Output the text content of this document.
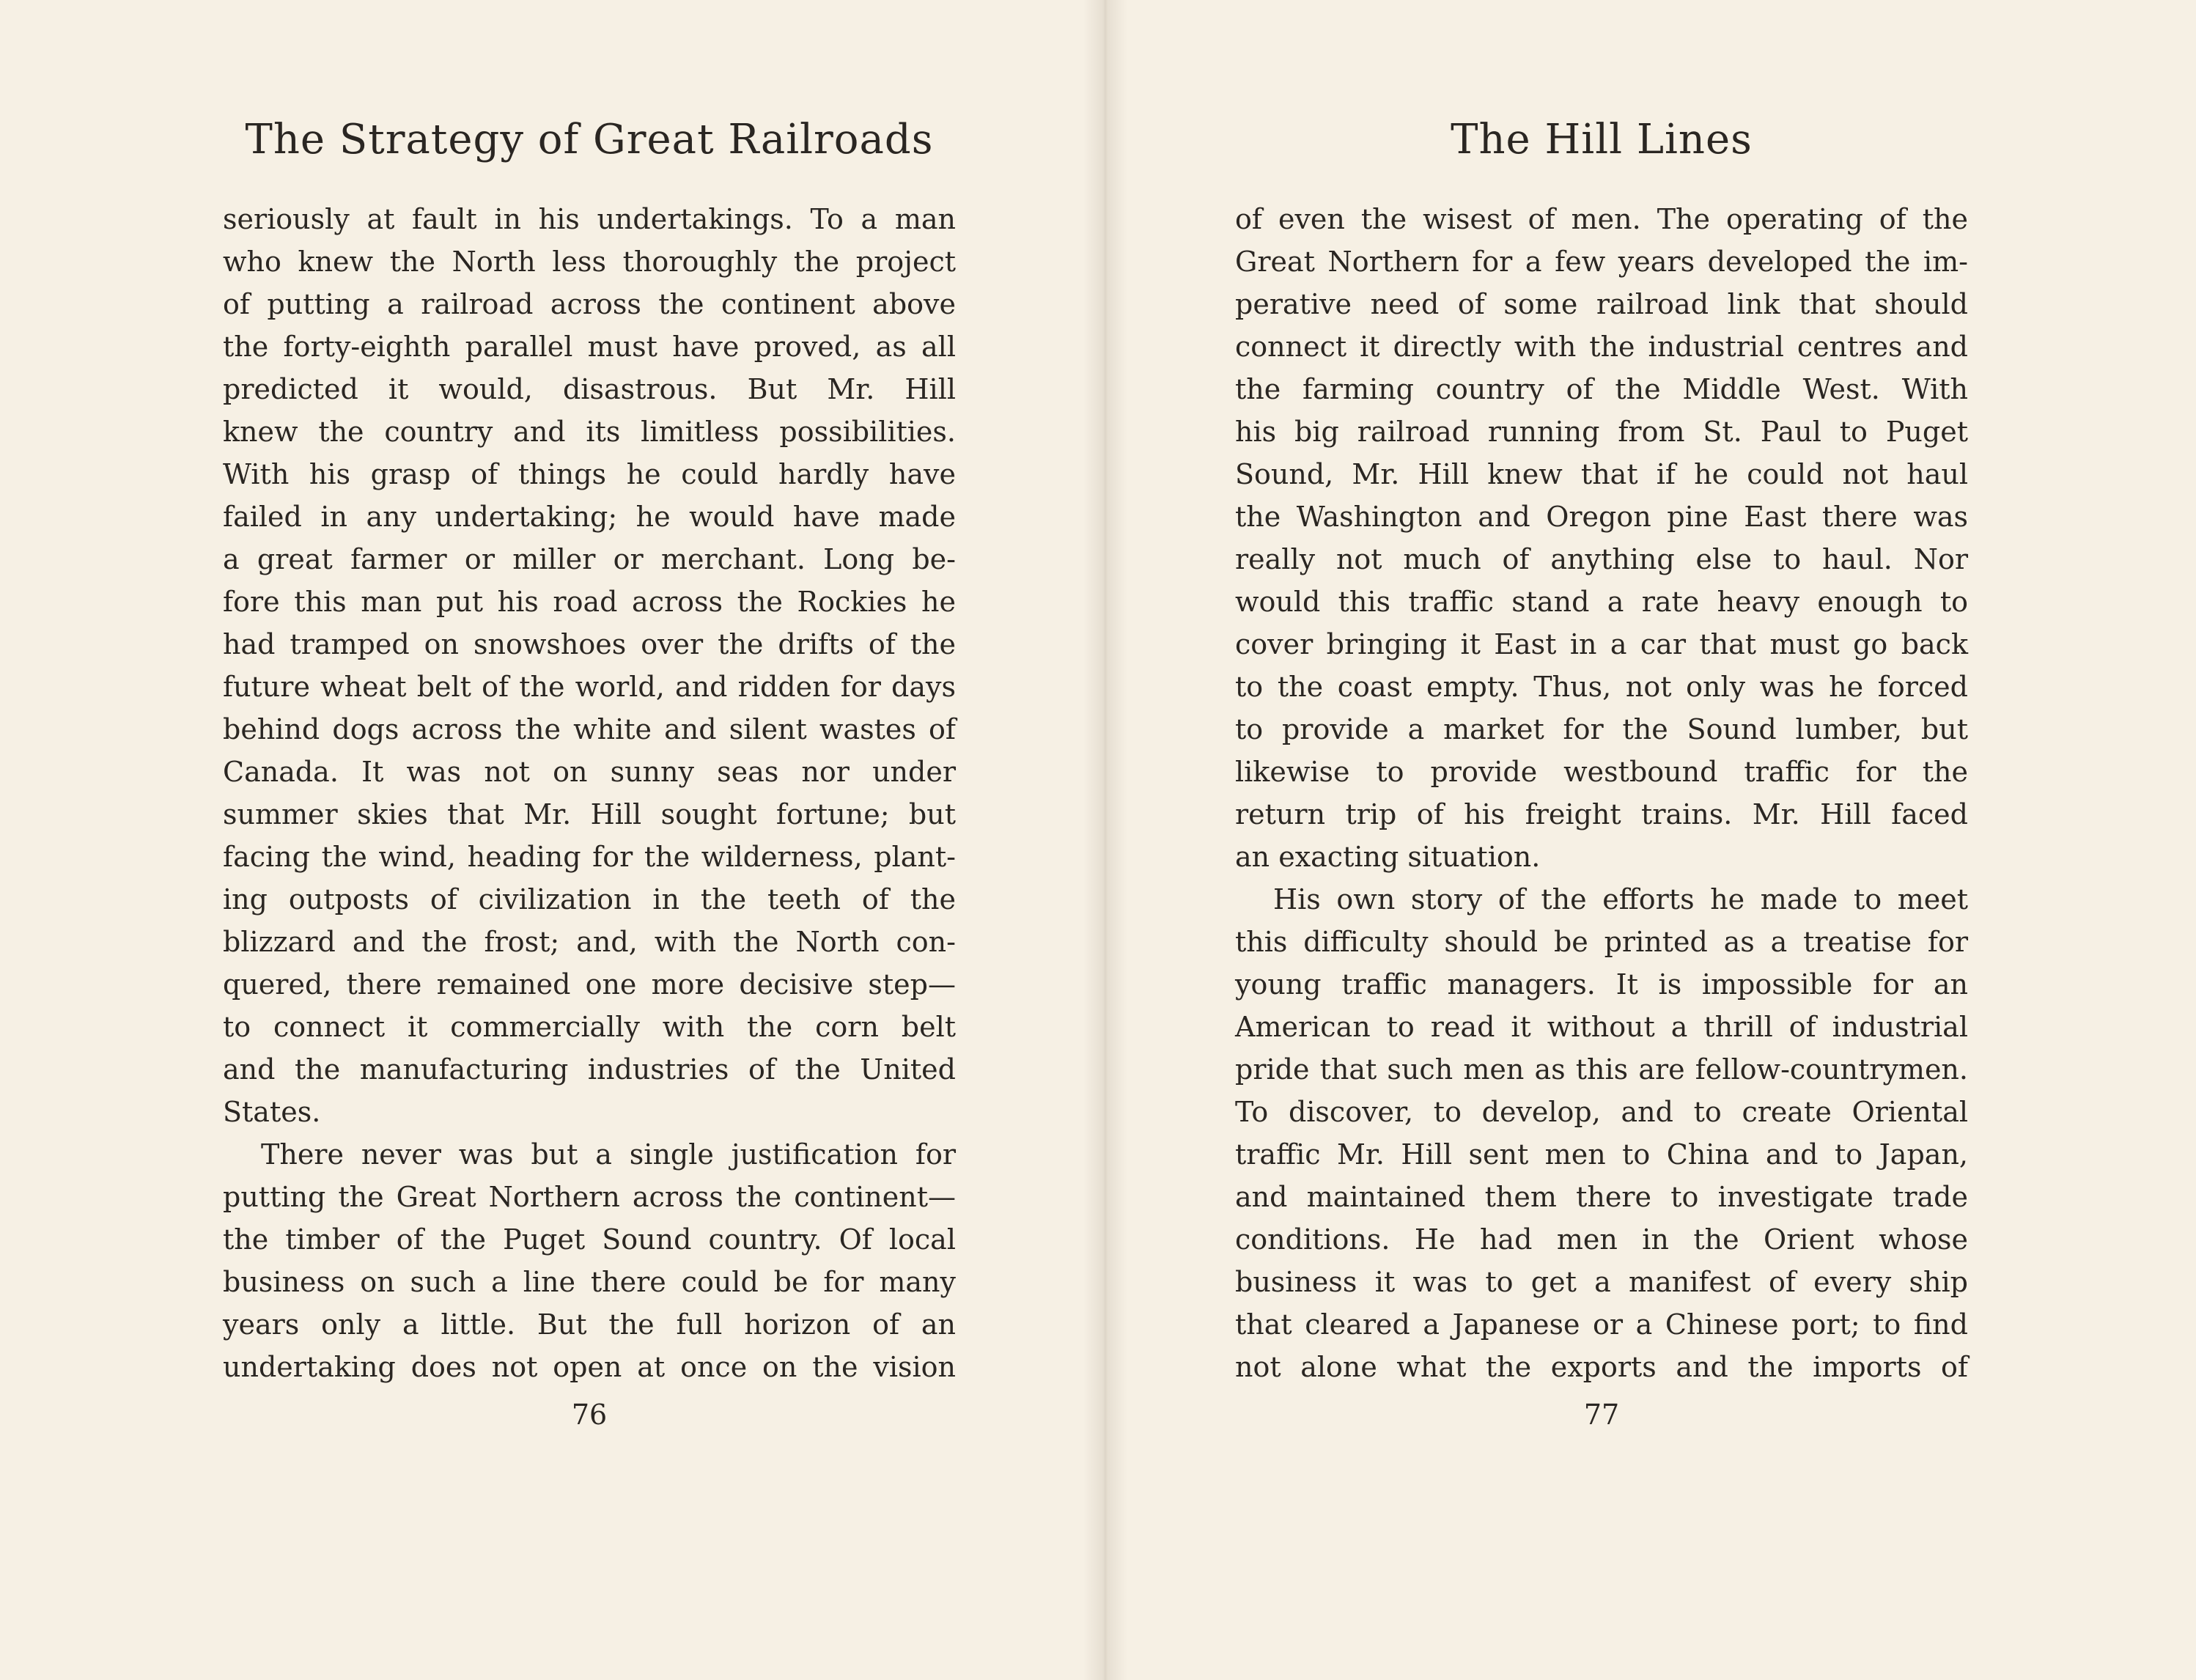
The Strategy of Great Railroads
seriously at fault in his undertakings. To a man
who knew the North less thoroughly the project
of putting a railroad across the continent above
the forty-eighth parallel must have proved, as all
predicted it would, disastrous. But Mr. Hill
knew the country and its limitless possibilities.
With his grasp of things he could hardly have
failed in any undertaking; he would have made
a great farmer or miller or merchant. Long be-
fore this man put his road across the Rockies he
had tramped on snowshoes over the drifts of the
future wheat belt of the world, and ridden for days
behind dogs across the white and silent wastes of
Canada. It was not on sunny seas nor under
summer skies that Mr. Hill sought fortune; but
facing the wind, heading for the wilderness, plant-
ing outposts of civilization in the teeth of the
blizzard and the frost; and, with the North con-
quered, there remained one more decisive step—
to connect it commercially with the corn belt
and the manufacturing industries of the United
States.
There never was but a single justification for
putting the Great Northern across the continent—
the timber of the Puget Sound country. Of local
business on such a line there could be for many
years only a little. But the full horizon of an
undertaking does not open at once on the vision
76
The Hill Lines
of even the wisest of men. The operating of the
Great Northern for a few years developed the im-
perative need of some railroad link that should
connect it directly with the industrial centres and
the farming country of the Middle West. With
his big railroad running from St. Paul to Puget
Sound, Mr. Hill knew that if he could not haul
the Washington and Oregon pine East there was
really not much of anything else to haul. Nor
would this traffic stand a rate heavy enough to
cover bringing it East in a car that must go back
to the coast empty. Thus, not only was he forced
to provide a market for the Sound lumber, but
likewise to provide westbound traffic for the
return trip of his freight trains. Mr. Hill faced
an exacting situation.
His own story of the efforts he made to meet
this difficulty should be printed as a treatise for
young traffic managers. It is impossible for an
American to read it without a thrill of industrial
pride that such men as this are fellow-countrymen.
To discover, to develop, and to create Oriental
traffic Mr. Hill sent men to China and to Japan,
and maintained them there to investigate trade
conditions. He had men in the Orient whose
business it was to get a manifest of every ship
that cleared a Japanese or a Chinese port; to find
not alone what the exports and the imports of
77
